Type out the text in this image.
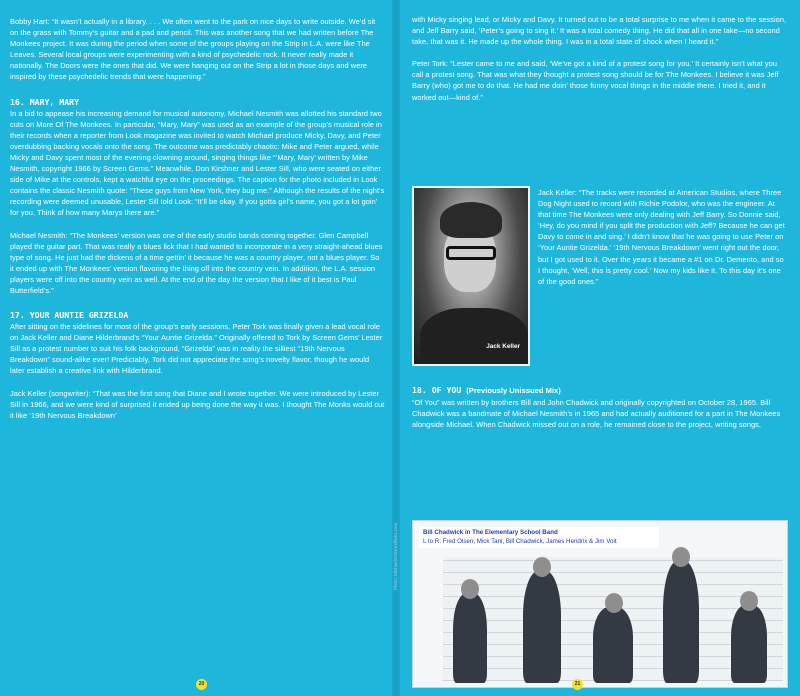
Bobby Hart: “It wasn’t actually in a library. . . . We often went to the park on nice days to write outside. We’d sit on the grass with Tommy’s guitar and a pad and pencil. This was another song that we had written before The Monkees project. It was during the period when some of the groups playing on the Strip in L.A. were like The Leaves. Several local groups were experimenting with a kind of psychedelic rock. It never really made it nationally. The Doors were the ones that did. We were hanging out on the Strip a lot in those days and were inspired by these psychedelic trends that were happening.”

16. MARY, MARY

In a bid to appease his increasing demand for musical autonomy, Michael Nesmith was allotted his standard two cuts on More Of The Monkees. In particular, “Mary, Mary” was used as an example of the group’s musical role in their records when a reporter from Look magazine was invited to watch Michael produce Micky, Davy, and Peter overdubbing backing vocals onto the song. The outcome was predictably chaotic: Mike and Peter argued, while Micky and Davy spent most of the evening clowning around, singing things like “‘Mary, Mary’ written by Mike Nesmith, copyright 1966 by Screen Gems.” Meanwhile, Don Kirshner and Lester Sill, who were seated on either side of Mike at the controls, kept a watchful eye on the proceedings. The caption for the photo included in Look contains the classic Nesmith quote: “These guys from New York, they bug me.” Although the results of the night’s recording were deemed unusable, Lester Sill told Look: “It’ll be okay. If you gotta girl’s name, you got a lot goin’ for you. Think of how many Marys there are.”

Michael Nesmith: “The Monkees’ version was one of the early studio bands coming together. Glen Campbell played the guitar part. That was really a blues lick that I had wanted to incorporate in a very straight-ahead blues type of song. He just had the dickens of a time gettin’ it because he was a country player, not a blues player. So it ended up with The Monkees’ version flavoring the thing off into the country vein. In addition, the L.A. session players were off into the country vein as well. At the end of the day the version that I like of it best is Paul Butterfield’s.”

17. YOUR AUNTIE GRIZELDA

After sitting on the sidelines for most of the group’s early sessions, Peter Tork was finally given a lead vocal role on Jack Keller and Diane Hilderbrand’s “Your Auntie Grizelda.” Originally offered to Tork by Screen Gems’ Lester Sill as a protest number to suit his folk background, “Grizelda” was in reality the silliest “19th Nervous Breakdown” sound-alike ever! Predictably, Tork did not appreciate the song’s novelty flavor, though he would later establish a creative link with Hilderbrand.

Jack Keller (songwriter): “That was the first song that Diane and I wrote together. We were introduced by Lester Sill in 1966, and we were kind of surprised it ended up being done the way it was. I thought The Monks would cut it like ‘19th Nervous Breakdown’

20

with Micky singing lead, or Micky and Davy. It turned out to be a total surprise to me when it came to the session, and Jeff Barry said, ‘Peter’s going to sing it.’ It was a total comedy thing. He did that all in one take—no second take, that was it. He made up the whole thing. I was in a total state of shock when I heard it.”

Peter Tork: “Lester came to me and said, ‘We’ve got a kind of a protest song for you.’ It certainly isn’t what you call a protest song. That was what they thought a protest song should be for The Monkees. I believe it was Jeff Barry (who) got me to do that. He had me doin’ those funny vocal things in the middle there. I tried it, and it worked out—kind of.”

Jack Keller

Jack Keller: “The tracks were recorded at American Studios, where Three Dog Night used to record with Richie Podolor, who was the engineer. At that time The Monkees were only dealing with Jeff Barry. So Donnie said, ‘Hey, do you mind if you split the production with Jeff? Because he can get Davy to come in and sing.’ I didn’t know that he was going to use Peter on ‘Your Auntie Grizelda.’ ‘19th Nervous Breakdown’ went right out the door, but I got used to it. Over the years it became a #1 on Dr. Demento, and so I thought, ‘Well, this is pretty cool.’ Now my kids like it. To this day it’s one of the good ones.”

18. OF YOU (Previously Unissued Mix)

“Of You” was written by brothers Bill and John Chadwick and originally copyrighted on October 28, 1965. Bill Chadwick was a bandmate of Michael Nesmith’s in 1965 and had actually auditioned for a part in The Monkees alongside Michael. When Chadwick missed out on a role, he remained close to the project, writing songs,

Bill Chadwick in The Elementary School Band
L to R: Fred Olsen, Mick Tani, Bill Chadwick, James Hendrix & Jim Voit
21
Photo: MichaelOchsArchives.com
